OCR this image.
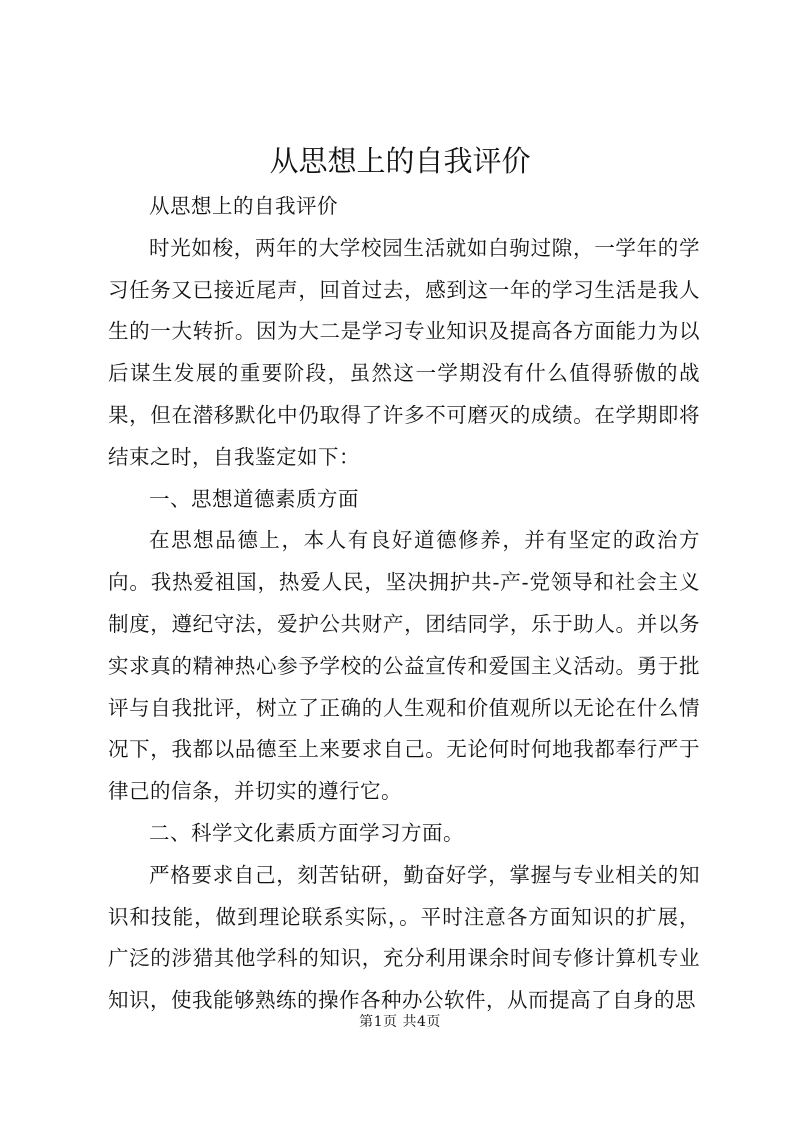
从思想上的自我评价

从思想上的自我评价

时光如梭，两年的大学校园生活就如白驹过隙，一学年的学习任务又已接近尾声，回首过去，感到这一年的学习生活是我人生的一大转折。因为大二是学习专业知识及提高各方面能力为以后谋生发展的重要阶段，虽然这一学期没有什么值得骄傲的战果，但在潜移默化中仍取得了许多不可磨灭的成绩。在学期即将结束之时，自我鉴定如下：

一、思想道德素质方面

在思想品德上，本人有良好道德修养，并有坚定的政治方向。我热爱祖国，热爱人民，坚决拥护共-产-党领导和社会主义制度，遵纪守法，爱护公共财产，团结同学，乐于助人。并以务实求真的精神热心参予学校的公益宣传和爱国主义活动。勇于批评与自我批评，树立了正确的人生观和价值观所以无论在什么情况下，我都以品德至上来要求自己。无论何时何地我都奉行严于律己的信条，并切实的遵行它。

二、科学文化素质方面学习方面。

严格要求自己，刻苦钻研，勤奋好学，掌握与专业相关的知识和技能，做到理论联系实际，。平时注意各方面知识的扩展，广泛的涉猎其他学科的知识，充分利用课余时间专修计算机专业知识，使我能够熟练的操作各种办公软件，从而提高了自身的思

第1页 共4页
